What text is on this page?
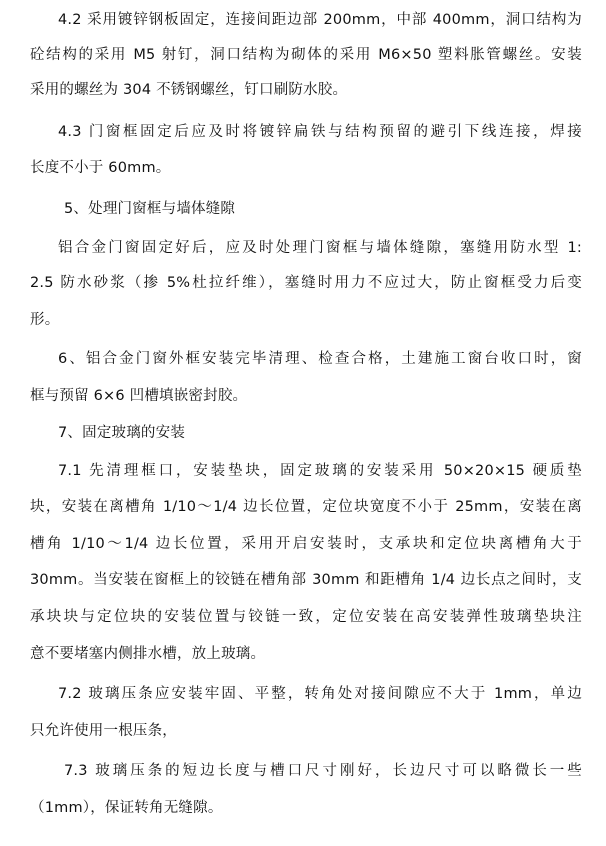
4.2 采用镀锌钢板固定，连接间距边部 200mm，中部 400mm，洞口结构为
砼结构的采用 M5 射钉，洞口结构为砌体的采用 M6×50 塑料胀管螺丝。安装
采用的螺丝为 304 不锈钢螺丝，钉口刷防水胶。
4.3 门窗框固定后应及时将镀锌扁铁与结构预留的避引下线连接，焊接
长度不小于 60mm。
5、处理门窗框与墙体缝隙
铝合金门窗固定好后，应及时处理门窗框与墙体缝隙，塞缝用防水型 1:
2.5 防水砂浆（掺 5%杜拉纤维），塞缝时用力不应过大，防止窗框受力后变
形。
6、铝合金门窗外框安装完毕清理、检查合格，土建施工窗台收口时，窗
框与预留 6×6 凹槽填嵌密封胶。
7、固定玻璃的安装
7.1 先清理框口，安装垫块，固定玻璃的安装采用 50×20×15 硬质垫
块，安装在离槽角 1/10～1/4 边长位置，定位块宽度不小于 25mm，安装在离
槽角 1/10～1/4 边长位置，采用开启安装时，支承块和定位块离槽角大于
30mm。当安装在窗框上的铰链在槽角部 30mm 和距槽角 1/4 边长点之间时，支
承块块与定位块的安装位置与铰链一致，定位安装在高安装弹性玻璃垫块注
意不要堵塞内侧排水槽，放上玻璃。
7.2 玻璃压条应安装牢固、平整，转角处对接间隙应不大于 1mm，单边
只允许使用一根压条，
7.3 玻璃压条的短边长度与槽口尺寸刚好，长边尺寸可以略微长一些
（1mm），保证转角无缝隙。
